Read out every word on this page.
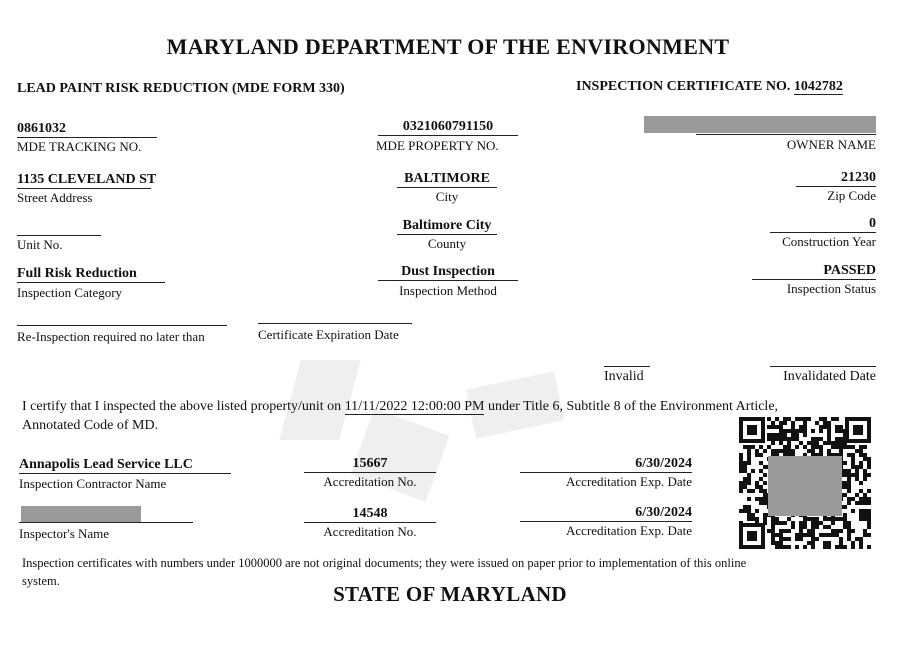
MARYLAND DEPARTMENT OF THE ENVIRONMENT
LEAD PAINT RISK REDUCTION (MDE FORM 330)	INSPECTION CERTIFICATE NO. 1042782
0861032
MDE TRACKING NO.
0321060791150
MDE PROPERTY NO.	OWNER NAME
1135 CLEVELAND ST
Street Address
BALTIMORE
City
21230
Zip Code
Unit No.
Baltimore City
County
0
Construction Year
Full Risk Reduction
Inspection Category
Dust Inspection
Inspection Method
PASSED
Inspection Status
Re-Inspection required no later than	Certificate Expiration Date
Invalid	Invalidated Date
I certify that I inspected the above listed property/unit on 11/11/2022 12:00:00 PM under Title 6, Subtitle 8 of the Environment Article,
Annotated Code of MD.
Annapolis Lead Service LLC
Inspection Contractor Name
15667
Accreditation No.
6/30/2024
Accreditation Exp. Date
Inspector's Name
14548
Accreditation No.
6/30/2024
Accreditation Exp. Date
Inspection certificates with numbers under 1000000 are not original documents; they were issued on paper prior to implementation of this online
system.
STATE OF MARYLAND
